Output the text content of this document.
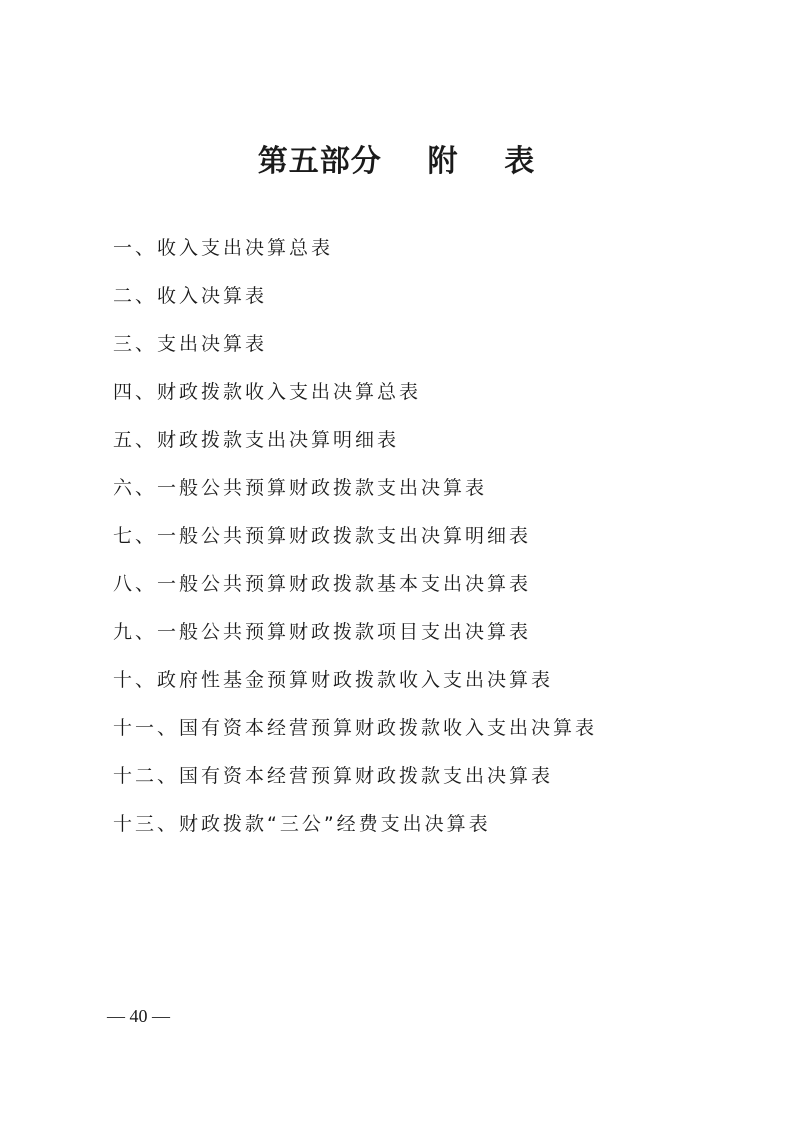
第五部分    附    表
一、收入支出决算总表
二、收入决算表
三、支出决算表
四、财政拨款收入支出决算总表
五、财政拨款支出决算明细表
六、一般公共预算财政拨款支出决算表
七、一般公共预算财政拨款支出决算明细表
八、一般公共预算财政拨款基本支出决算表
九、一般公共预算财政拨款项目支出决算表
十、政府性基金预算财政拨款收入支出决算表
十一、国有资本经营预算财政拨款收入支出决算表
十二、国有资本经营预算财政拨款支出决算表
十三、财政拨款“三公”经费支出决算表
— 40 —
